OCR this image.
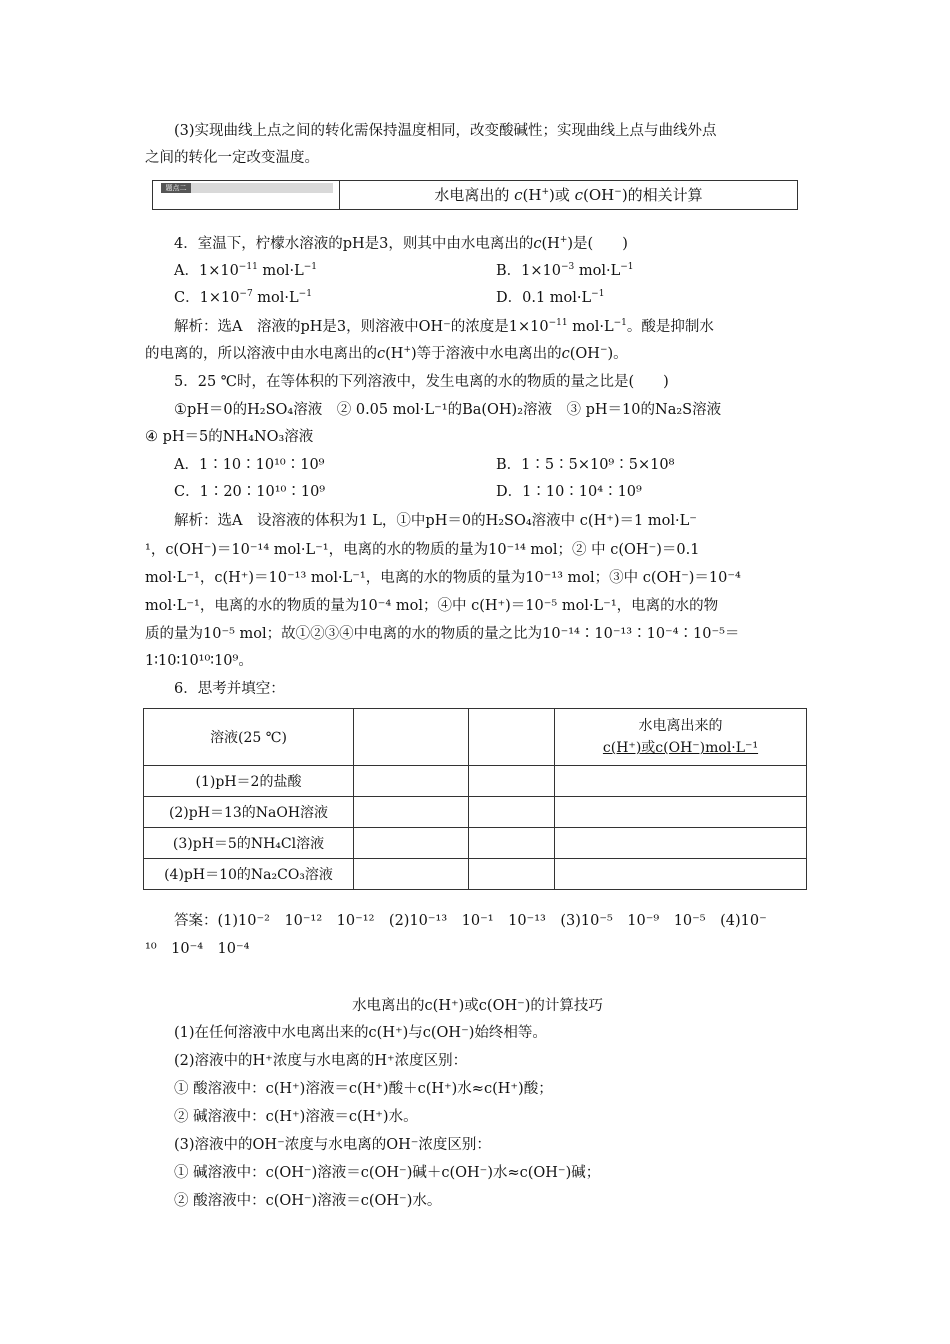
(3)实现曲线上点之间的转化需保持温度相同，改变酸碱性；实现曲线上点与曲线外点
之间的转化一定改变温度。
题点二	水电离出的 c(H+)或 c(OH−)的相关计算
4．室温下，柠檬水溶液的pH是3，则其中由水电离出的c(H+)是(　　)
A．$1\times 10^{-11}$ $mol\cdot L^{-1}$	B．$1\times 10^{-3}$ $mol\cdot L^{-1}$
C．$1\times 10^{-7}$ $mol\cdot L^{-1}$	D．0.1 $mol\cdot L^{-1}$
解析：选A　溶液的pH是3，则溶液中OH⁻的浓度是$1\times 10^{-11}$ $mol\cdot L^{-1}$。酸是抑制水
的电离的，所以溶液中由水电离出的c(H+)等于溶液中水电离出的c(OH−)。
5．25 ℃时，在等体积的下列溶液中，发生电离的水的物质的量之比是(　　)
①pH＝0的H₂SO₄溶液　② 0.05 mol·L⁻¹的Ba(OH)₂溶液　③ pH＝10的Na₂S溶液
④ pH＝5的NH₄NO₃溶液
A．1∶10∶10¹⁰∶10⁹	B．1∶5∶5×10⁹∶5×10⁸
C．1∶20∶10¹⁰∶10⁹	D．1∶10∶10⁴∶10⁹
解析：选A　设溶液的体积为1 L，①中pH＝0的H₂SO₄溶液中 c(H⁺)＝1 mol·L⁻
¹，c(OH⁻)＝10⁻¹⁴ mol·L⁻¹，电离的水的物质的量为10⁻¹⁴ mol；② 中 c(OH⁻)＝0.1
mol·L⁻¹，c(H⁺)＝10⁻¹³ mol·L⁻¹，电离的水的物质的量为10⁻¹³ mol；③中 c(OH⁻)＝10⁻⁴
mol·L⁻¹，电离的水的物质的量为10⁻⁴ mol；④中 c(H⁺)＝10⁻⁵ mol·L⁻¹，电离的水的物
质的量为10⁻⁵ mol；故①②③④中电离的水的物质的量之比为10⁻¹⁴∶10⁻¹³∶10⁻⁴∶10⁻⁵＝
1∶10∶10¹⁰∶10⁹。
6．思考并填空：
溶液(25 ℃)			水电离出来的
c(H⁺)或c(OH⁻)mol·L⁻¹

(1)pH＝2的盐酸			
(2)pH＝13的NaOH溶液			
(3)pH＝5的NH₄Cl溶液			
(4)pH＝10的Na₂CO₃溶液			
答案：(1)10⁻²　10⁻¹²　10⁻¹²　(2)10⁻¹³　10⁻¹　10⁻¹³　(3)10⁻⁵　10⁻⁹　10⁻⁵　(4)10⁻
¹⁰　10⁻⁴　10⁻⁴
水电离出的c(H⁺)或c(OH⁻)的计算技巧
(1)在任何溶液中水电离出来的c(H⁺)与c(OH⁻)始终相等。
(2)溶液中的H⁺浓度与水电离的H⁺浓度区别：
① 酸溶液中：c(H⁺)溶液＝c(H⁺)酸＋c(H⁺)水≈c(H⁺)酸；
② 碱溶液中：c(H⁺)溶液＝c(H⁺)水。
(3)溶液中的OH⁻浓度与水电离的OH⁻浓度区别：
① 碱溶液中：c(OH⁻)溶液＝c(OH⁻)碱＋c(OH⁻)水≈c(OH⁻)碱；
② 酸溶液中：c(OH⁻)溶液＝c(OH⁻)水。
